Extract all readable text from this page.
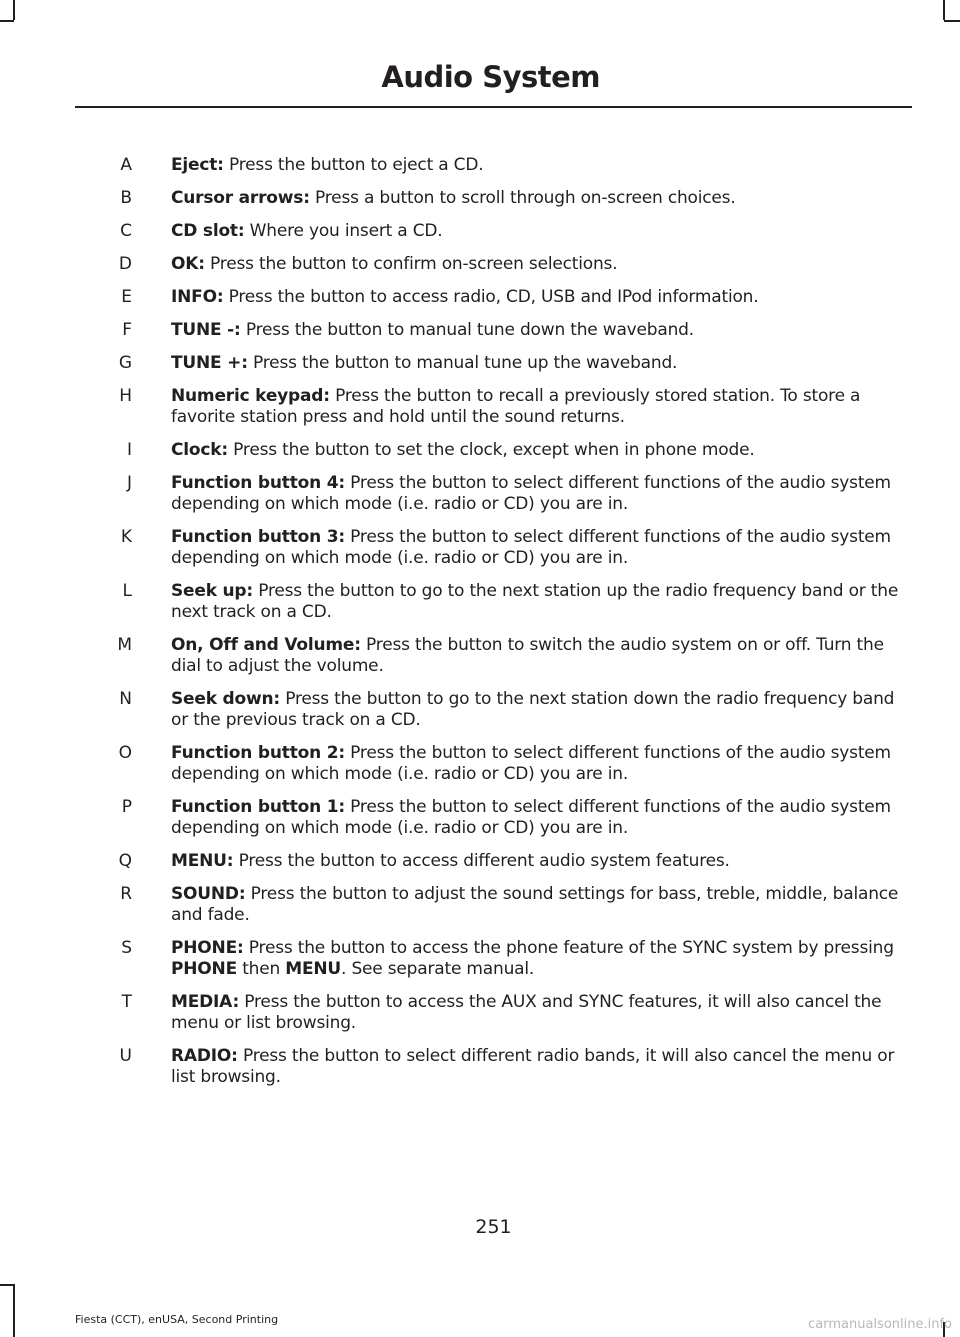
Audio System
A Eject: Press the button to eject a CD.
B Cursor arrows: Press a button to scroll through on-screen choices.
C CD slot: Where you insert a CD.
D OK: Press the button to confirm on-screen selections.
E INFO: Press the button to access radio, CD, USB and IPod information.
F TUNE -: Press the button to manual tune down the waveband.
G TUNE +: Press the button to manual tune up the waveband.
H Numeric keypad: Press the button to recall a previously stored station. To store a favorite station press and hold until the sound returns.
I Clock: Press the button to set the clock, except when in phone mode.
J Function button 4: Press the button to select different functions of the audio system depending on which mode (i.e. radio or CD) you are in.
K Function button 3: Press the button to select different functions of the audio system depending on which mode (i.e. radio or CD) you are in.
L Seek up: Press the button to go to the next station up the radio frequency band or the next track on a CD.
M On, Off and Volume: Press the button to switch the audio system on or off. Turn the dial to adjust the volume.
N Seek down: Press the button to go to the next station down the radio frequency band or the previous track on a CD.
O Function button 2: Press the button to select different functions of the audio system depending on which mode (i.e. radio or CD) you are in.
P Function button 1: Press the button to select different functions of the audio system depending on which mode (i.e. radio or CD) you are in.
Q MENU: Press the button to access different audio system features.
R SOUND: Press the button to adjust the sound settings for bass, treble, middle, balance and fade.
S PHONE: Press the button to access the phone feature of the SYNC system by pressing PHONE then MENU. See separate manual.
T MEDIA: Press the button to access the AUX and SYNC features, it will also cancel the menu or list browsing.
U RADIO: Press the button to select different radio bands, it will also cancel the menu or list browsing.
251
Fiesta (CCT), enUSA, Second Printing	carmanualsonline.info
